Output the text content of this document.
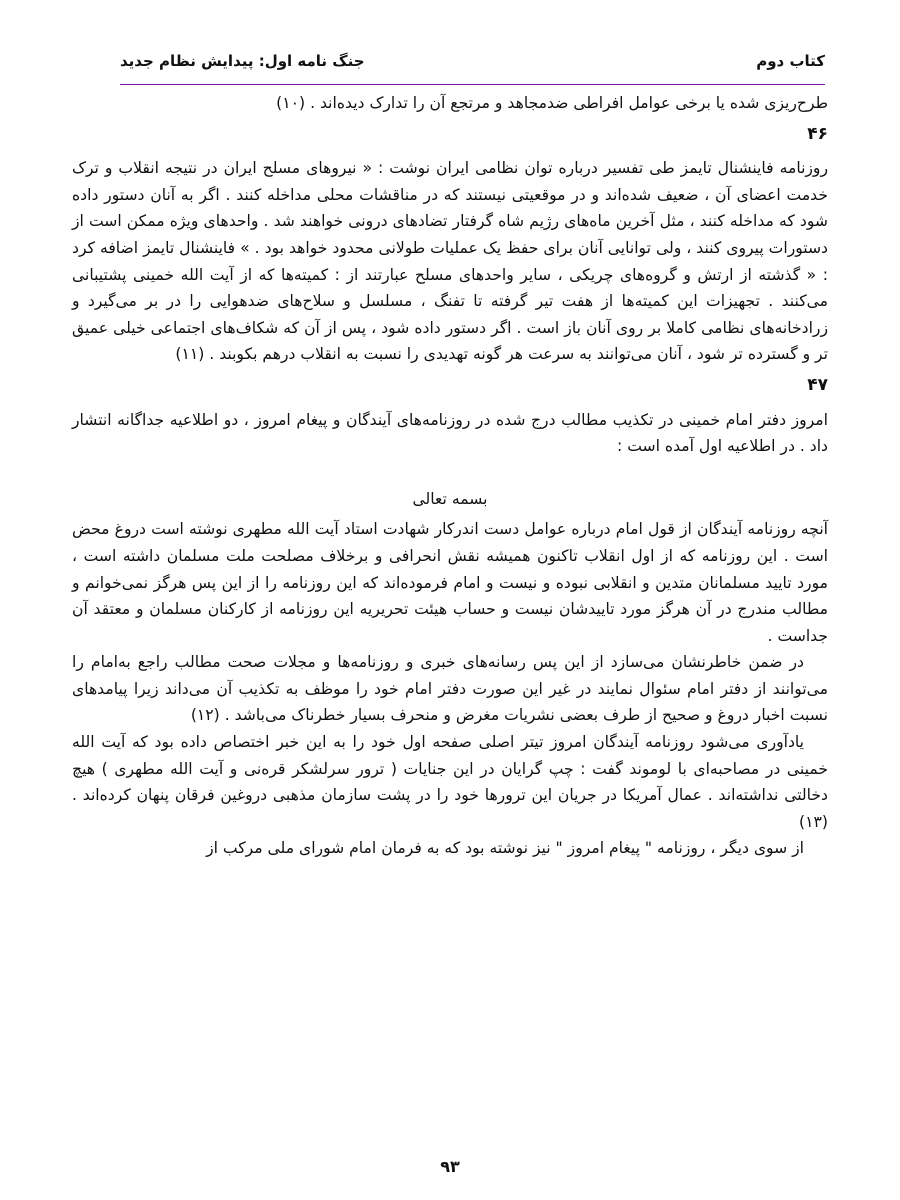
کتاب دوم
جنگ نامه اول: پیدایش نظام جدید

طرح‌ریزی شده یا برخی عوامل افراطی ضدمجاهد و مرتجع آن را تدارک دیده‌اند . (۱۰)

۴۶

روزنامه فاینشنال تایمز طی تفسیر درباره توان نظامی ایران نوشت : « نیروهای مسلح ایران در نتیجه انقلاب و ترک خدمت اعضای آن ، ضعیف شده‌اند و در موقعیتی نیستند که در مناقشات محلی مداخله کنند . اگر به آنان دستور داده شود که مداخله کنند ، مثل آخرین ماه‌های رژیم شاه گرفتار تضادهای درونی خواهند شد . واحدهای ویژه ممکن است از دستورات پیروی کنند ، ولی توانایی آنان برای حفظ یک عملیات طولانی محدود خواهد بود . » فاینشنال تایمز اضافه کرد : « گذشته از ارتش و گروه‌های چریکی ، سایر واحدهای مسلح عبارتند از : کمیته‌ها که از آیت الله خمینی پشتیبانی می‌کنند . تجهیزات این کمیته‌ها از هفت تیر گرفته تا تفنگ ، مسلسل و سلاح‌های ضدهوایی را در بر می‌گیرد و زرادخانه‌های نظامی کاملا بر روی آنان باز است . اگر دستور داده شود ، پس از آن که شکاف‌های اجتماعی خیلی عمیق تر و گسترده تر شود ، آنان می‌توانند به سرعت هر گونه تهدیدی را نسبت به انقلاب درهم بکوبند . (۱۱)

۴۷

امروز دفتر امام خمینی در تکذیب مطالب درج شده در روزنامه‌های آیندگان و پیغام امروز ، دو اطلاعیه جداگانه انتشار داد . در اطلاعیه اول آمده است :

بسمه تعالی

آنچه روزنامه آیندگان از قول امام درباره عوامل دست اندرکار شهادت استاد آیت الله مطهری نوشته است دروغ محض است . این روزنامه که از اول انقلاب تاکنون همیشه نقش انحرافی و برخلاف مصلحت ملت مسلمان داشته است ، مورد تایید مسلمانان متدین و انقلابی نبوده و نیست و امام فرموده‌اند که این روزنامه را از این پس هرگز نمی‌خوانم و مطالب مندرج در آن هرگز مورد تاییدشان نیست و حساب هیئت تحریریه این روزنامه از کارکنان مسلمان و معتقد آن جداست .

در ضمن خاطرنشان می‌سازد از این پس رسانه‌های خبری و روزنامه‌ها و مجلات صحت مطالب راجع به‌امام را می‌توانند از دفتر امام سئوال نمایند در غیر این صورت دفتر امام خود را موظف به تکذیب آن می‌داند زیرا پیامدهای نسبت اخبار دروغ و صحیح از طرف بعضی نشریات مغرض و منحرف بسیار خطرناک می‌باشد . (۱۲)

یادآوری می‌شود روزنامه آیندگان امروز تیتر اصلی صفحه اول خود را به این خبر اختصاص داده بود که آیت الله خمینی در مصاحبه‌ای با لوموند گفت : چپ گرایان در این جنایات ( ترور سرلشکر قرەنی و آیت الله مطهری ) هیچ دخالتی نداشته‌اند . عمال آمریکا در جریان این ترورها خود را در پشت سازمان مذهبی دروغین فرقان پنهان کرده‌اند . (۱۳)

از سوی دیگر ، روزنامه " پیغام امروز " نیز نوشته بود که به فرمان امام شورای ملی مرکب از

۹۳
